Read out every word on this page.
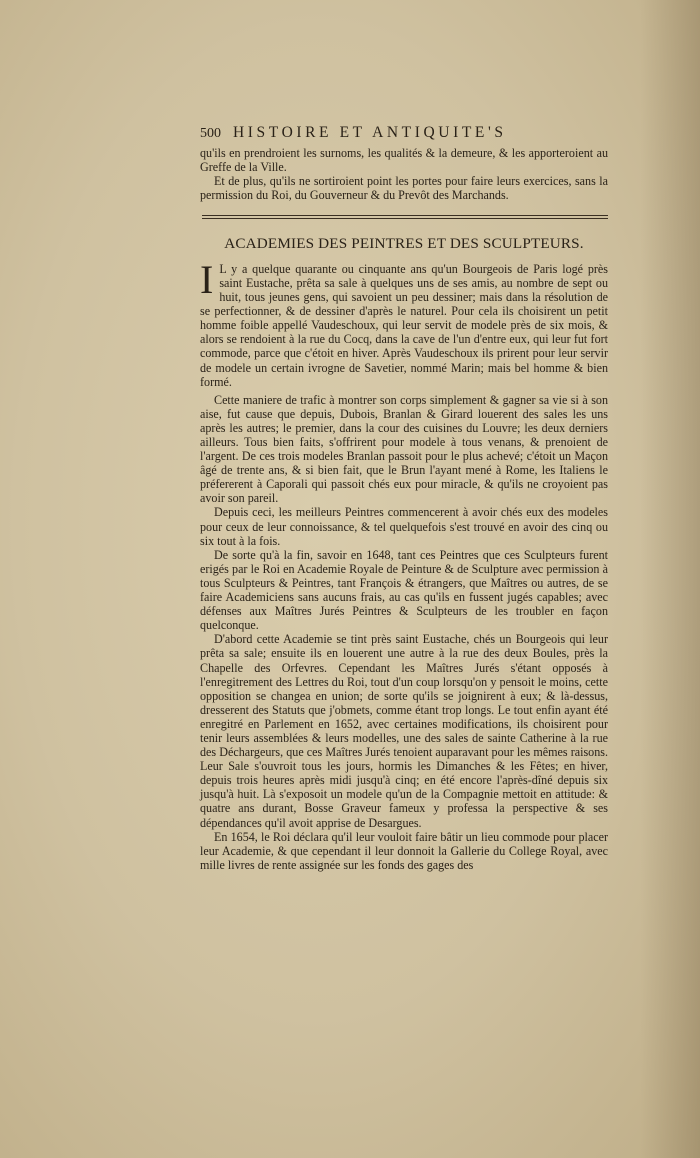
500 HISTOIRE ET ANTIQUITE'S

qu'ils en prendroient les surnoms, les qualités & la demeure, & les apporteroient au Greffe de la Ville.

Et de plus, qu'ils ne sortiroient point les portes pour faire leurs exercices, sans la permission du Roi, du Gouverneur & du Prevôt des Marchands.

ACADEMIES DES PEINTRES ET DES SCULPTEURS.

I L y a quelque quarante ou cinquante ans qu'un Bourgeois de Paris logé près saint Eustache, prêta sa sale à quelques uns de ses amis, au nombre de sept ou huit, tous jeunes gens, qui savoient un peu dessiner; mais dans la résolution de se perfectionner, & de dessiner d'après le naturel. Pour cela ils choisirent un petit homme foible appellé Vaudeschoux, qui leur servit de modele près de six mois, & alors se rendoient à la rue du Cocq, dans la cave de l'un d'entre eux, qui leur fut fort commode, parce que c'étoit en hiver. Après Vaudeschoux ils prirent pour leur servir de modele un certain ivrogne de Savetier, nommé Marin; mais bel homme & bien formé.

Cette maniere de trafic à montrer son corps simplement & gagner sa vie si à son aise, fut cause que depuis, Dubois, Branlan & Girard louerent des sales les uns après les autres; le premier, dans la cour des cuisines du Louvre; les deux derniers ailleurs. Tous bien faits, s'offrirent pour modele à tous venans, & prenoient de l'argent. De ces trois modeles Branlan passoit pour le plus achevé; c'étoit un Maçon âgé de trente ans, & si bien fait, que le Brun l'ayant mené à Rome, les Italiens le préfererent à Caporali qui passoit chés eux pour miracle, & qu'ils ne croyoient pas avoir son pareil.

Depuis ceci, les meilleurs Peintres commencerent à avoir chés eux des modeles pour ceux de leur connoissance, & tel quelquefois s'est trouvé en avoir des cinq ou six tout à la fois.

De sorte qu'à la fin, savoir en 1648, tant ces Peintres que ces Sculpteurs furent erigés par le Roi en Academie Royale de Peinture & de Sculpture avec permission à tous Sculpteurs & Peintres, tant François & étrangers, que Maîtres ou autres, de se faire Academiciens sans aucuns frais, au cas qu'ils en fussent jugés capables; avec défenses aux Maîtres Jurés Peintres & Sculpteurs de les troubler en façon quelconque.

D'abord cette Academie se tint près saint Eustache, chés un Bourgeois qui leur prêta sa sale; ensuite ils en louerent une autre à la rue des deux Boules, près la Chapelle des Orfevres. Cependant les Maîtres Jurés s'étant opposés à l'enregitrement des Lettres du Roi, tout d'un coup lorsqu'on y pensoit le moins, cette opposition se changea en union; de sorte qu'ils se joignirent à eux; & là-dessus, dresserent des Statuts que j'obmets, comme étant trop longs. Le tout enfin ayant été enregitré en Parlement en 1652, avec certaines modifications, ils choisirent pour tenir leurs assemblées & leurs modelles, une des sales de sainte Catherine à la rue des Déchargeurs, que ces Maîtres Jurés tenoient auparavant pour les mêmes raisons. Leur Sale s'ouvroit tous les jours, hormis les Dimanches & les Fêtes; en hiver, depuis trois heures après midi jusqu'à cinq; en été encore l'après-dîné depuis six jusqu'à huit. Là s'exposoit un modele qu'un de la Compagnie mettoit en attitude: & quatre ans durant, Bosse Graveur fameux y professa la perspective & ses dépendances qu'il avoit apprise de Desargues.

En 1654, le Roi déclara qu'il leur vouloit faire bâtir un lieu commode pour placer leur Academie, & que cependant il leur donnoit la Gallerie du College Royal, avec mille livres de rente assignée sur les fonds des gages des
